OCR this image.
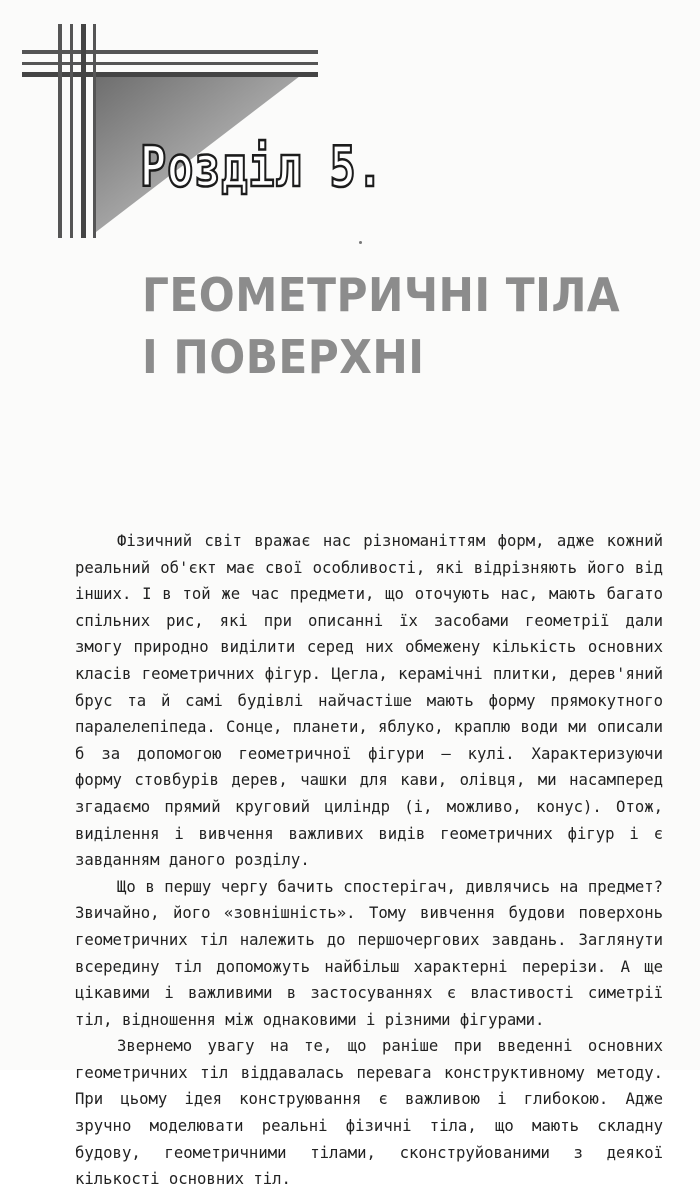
Розділ 5.
ГЕОМЕТРИЧНІ ТІЛА
І ПОВЕРХНІ

Фізичний світ вражає нас різноманіттям форм, адже кожний реальний об'єкт має свої особливості, які відрізняють його від інших. І в той же час предмети, що оточують нас, мають багато спільних рис, які при описанні їх засобами геометрії дали змогу природно виділити серед них обмежену кількість основних класів геометричних фігур. Цегла, керамічні плитки, дерев'яний брус та й самі будівлі найчастіше мають форму прямокутного паралелепіпеда. Сонце, планети, яблуко, краплю води ми описали б за допомогою геометричної фігури — кулі. Характеризуючи форму стовбурів дерев, чашки для кави, олівця, ми насамперед згадаємо прямий круговий циліндр (і, можливо, конус). Отож, виділення і вивчення важливих видів геометричних фігур і є завданням даного розділу.

Що в першу чергу бачить спостерігач, дивлячись на предмет? Звичайно, його «зовнішність». Тому вивчення будови поверхонь геометричних тіл належить до першочергових завдань. Заглянути всередину тіл допоможуть найбільш характерні перерізи. А ще цікавими і важливими в застосуваннях є властивості симетрії тіл, відношення між однаковими і різними фігурами.

Звернемо увагу на те, що раніше при введенні основних геометричних тіл віддавалась перевага конструктивному методу. При цьому ідея конструювання є важливою і глибокою. Адже зручно моделювати реальні фізичні тіла, що мають складну будову, геометричними тілами, сконструйованими з деякої кількості основних тіл.
